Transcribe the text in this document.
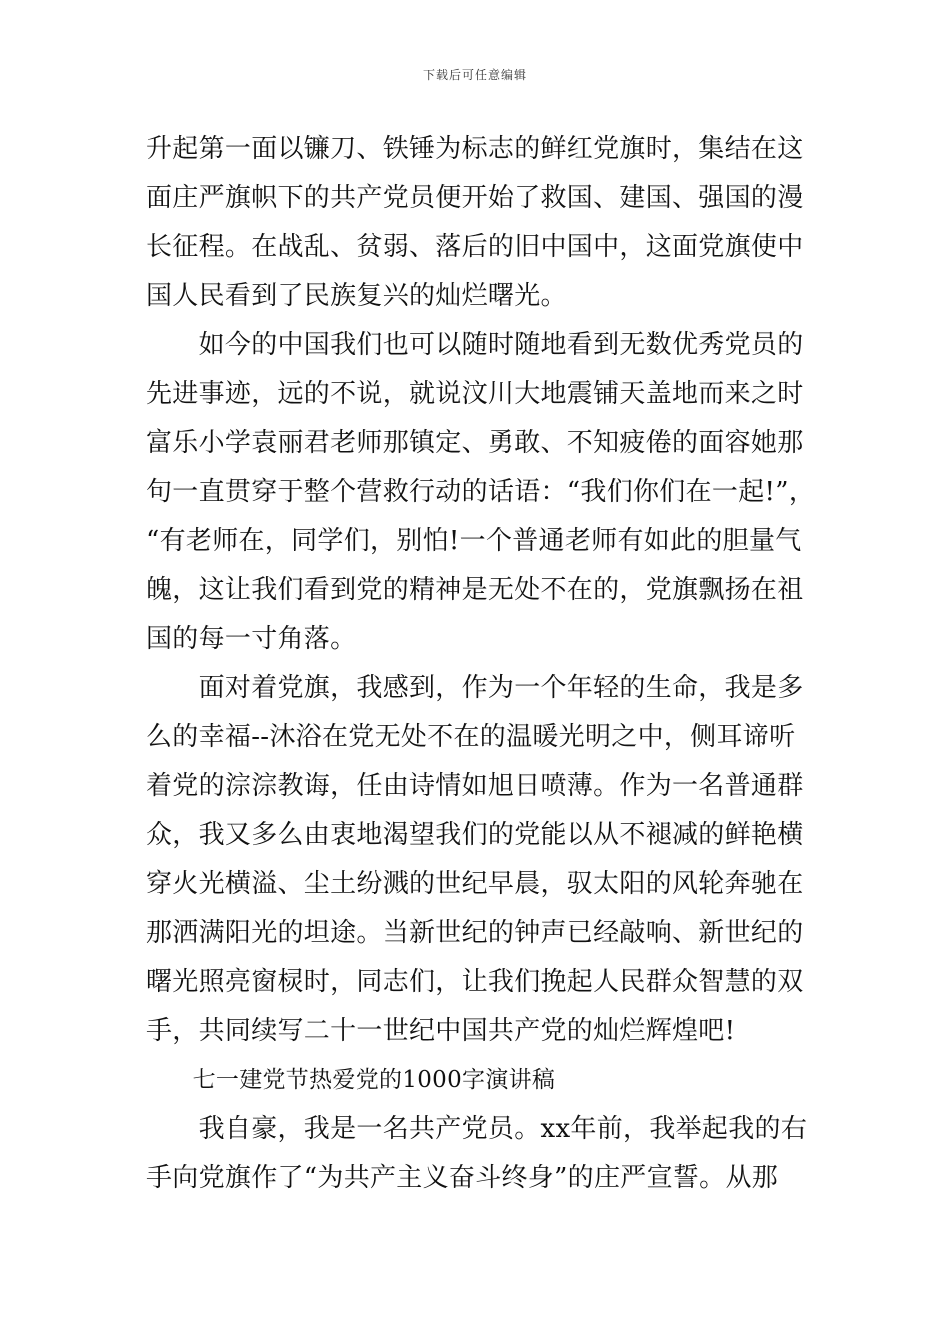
下载后可任意编辑
升起第一面以镰刀、铁锤为标志的鲜红党旗时，集结在这
面庄严旗帜下的共产党员便开始了救国、建国、强国的漫
长征程。在战乱、贫弱、落后的旧中国中，这面党旗使中
国人民看到了民族复兴的灿烂曙光。
　　如今的中国我们也可以随时随地看到无数优秀党员的
先进事迹，远的不说，就说汶川大地震铺天盖地而来之时
富乐小学袁丽君老师那镇定、勇敢、不知疲倦的面容她那
句一直贯穿于整个营救行动的话语：“我们你们在一起!”，
“有老师在，同学们，别怕!一个普通老师有如此的胆量气
魄，这让我们看到党的精神是无处不在的，党旗飘扬在祖
国的每一寸角落。
　　面对着党旗，我感到，作为一个年轻的生命，我是多
么的幸福--沐浴在党无处不在的温暖光明之中，侧耳谛听
着党的淙淙教诲，任由诗情如旭日喷薄。作为一名普通群
众，我又多么由衷地渴望我们的党能以从不褪减的鲜艳横
穿火光横溢、尘土纷溅的世纪早晨，驭太阳的风轮奔驰在
那洒满阳光的坦途。当新世纪的钟声已经敲响、新世纪的
曙光照亮窗棂时，同志们，让我们挽起人民群众智慧的双
手，共同续写二十一世纪中国共产党的灿烂辉煌吧!
　　七一建党节热爱党的1000字演讲稿
　　我自豪，我是一名共产党员。xx年前，我举起我的右
手向党旗作了“为共产主义奋斗终身”的庄严宣誓。从那
